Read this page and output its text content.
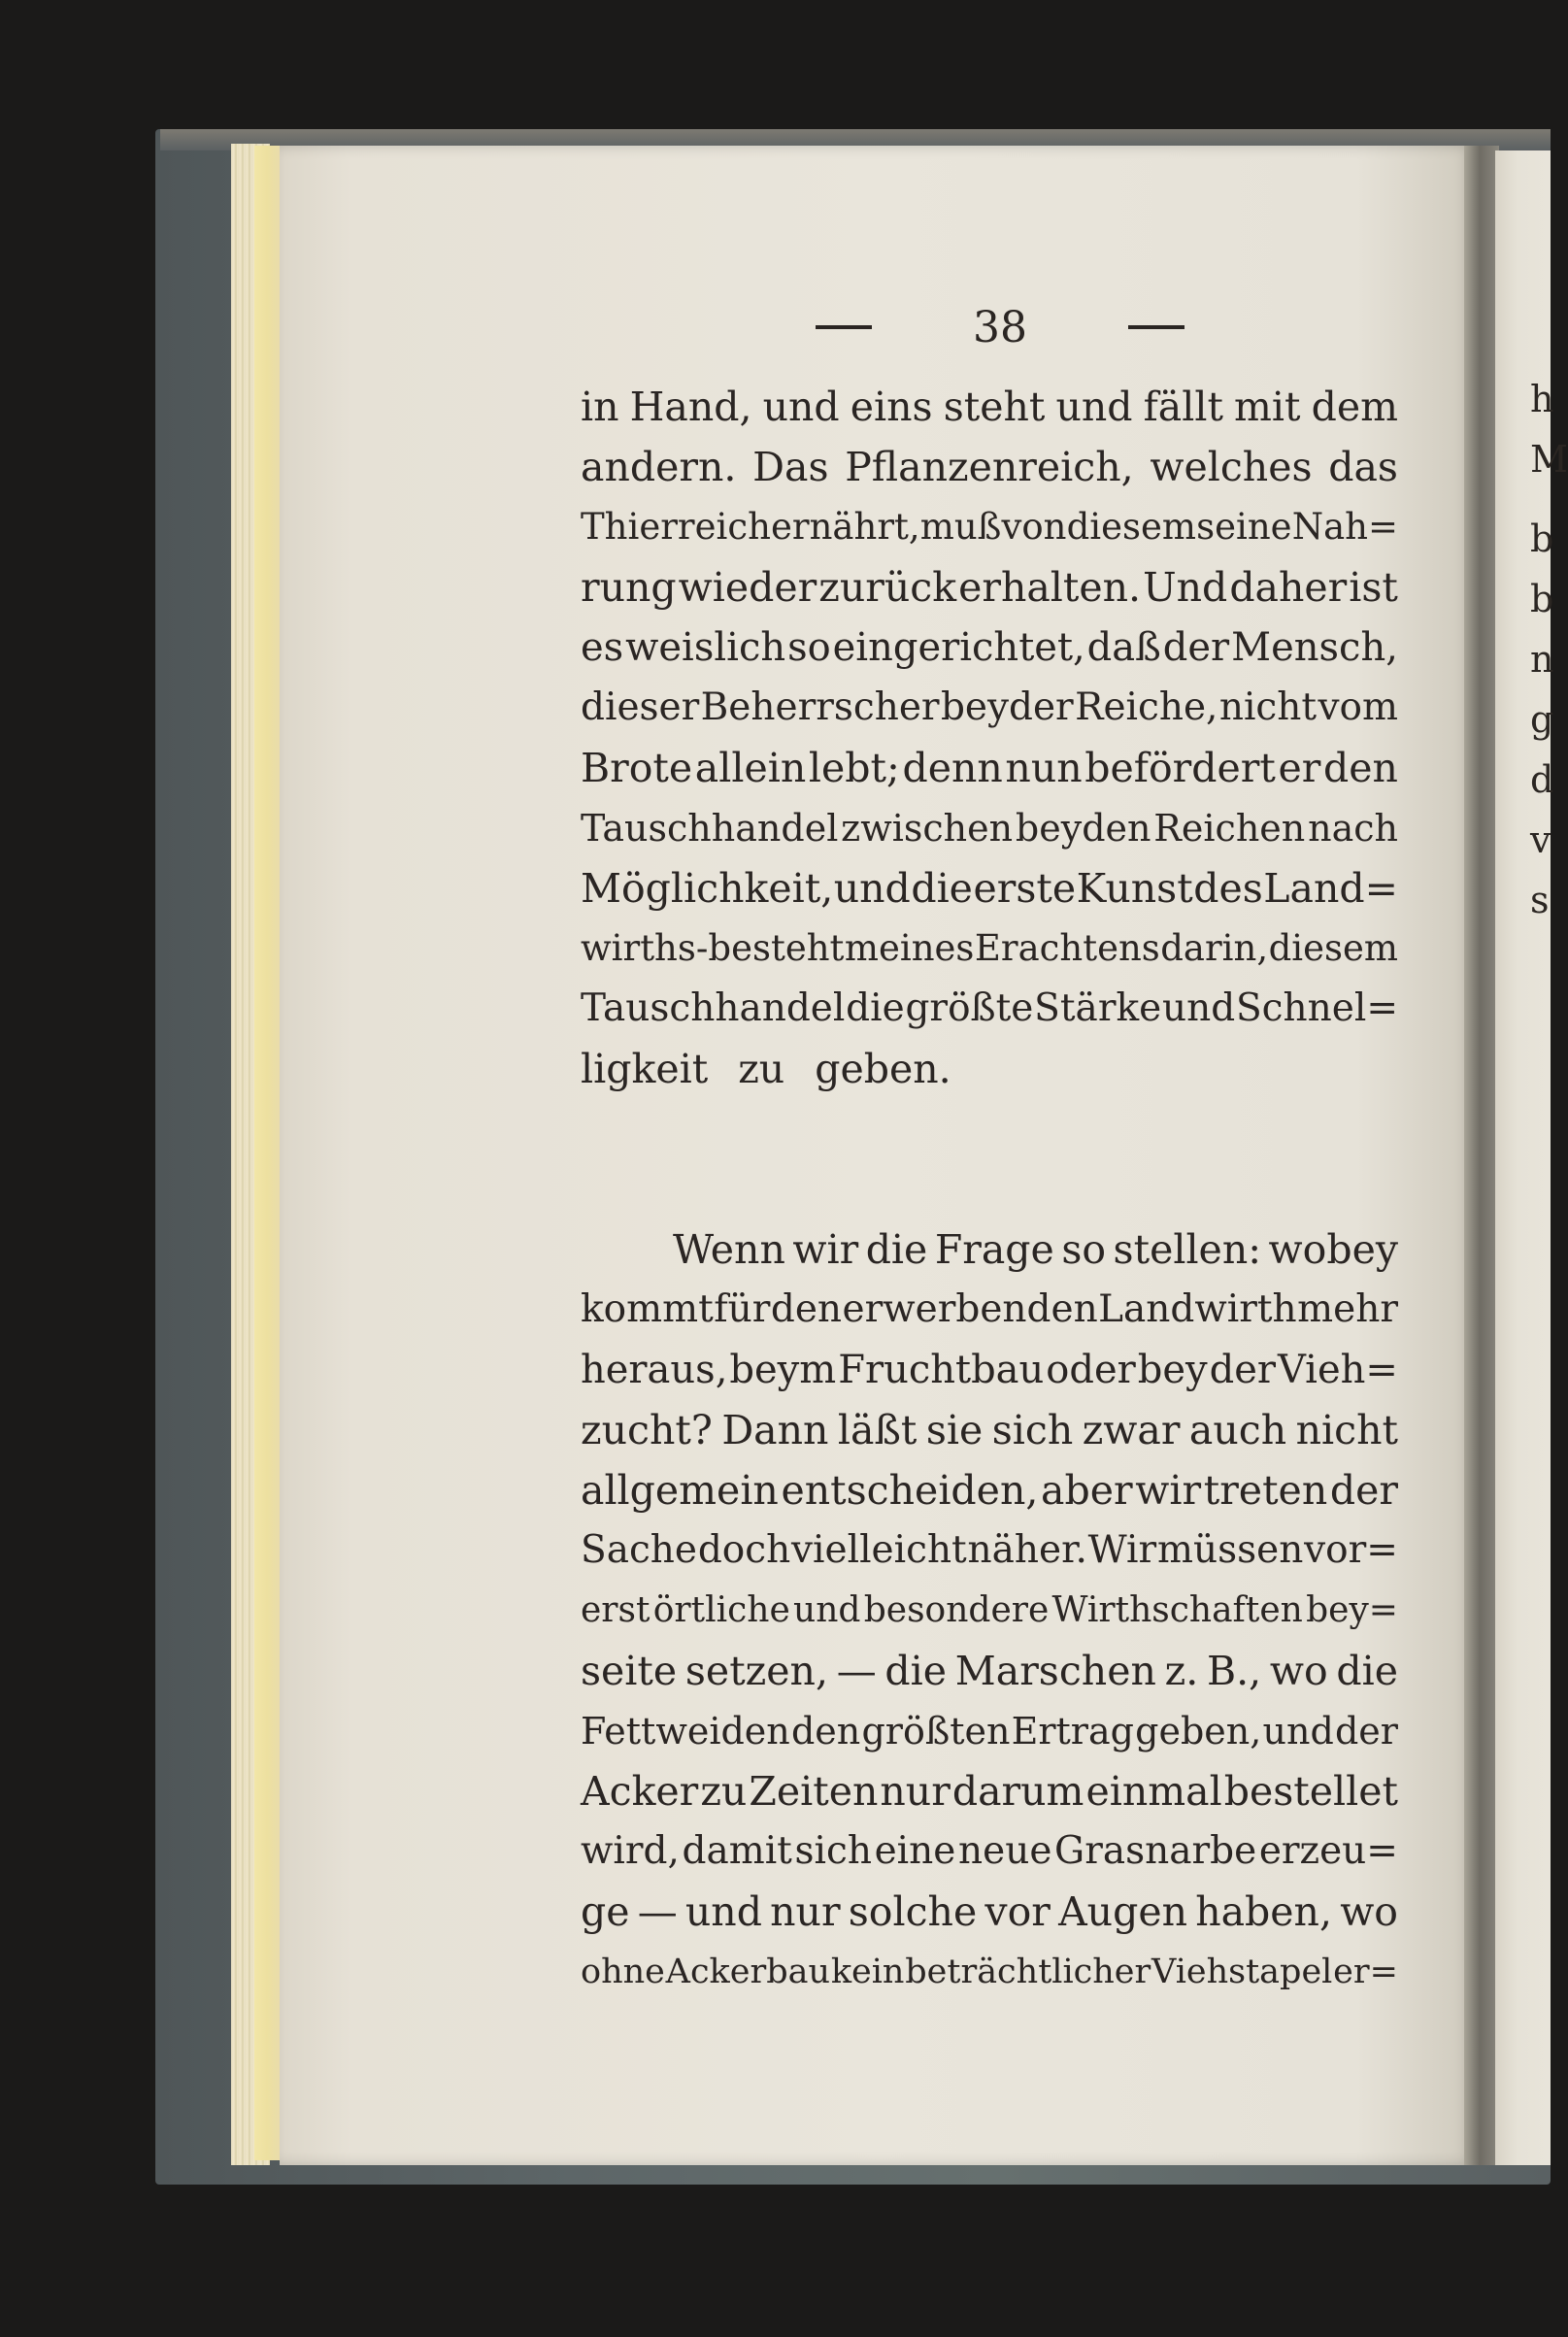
h
M
b
b
n
g
d
v
s
38
in Hand, und eins steht und fällt mit dem
andern. Das Pflanzenreich, welches das
Thierreich ernährt, muß von diesem seine Nah=
rung wieder zurück erhalten. Und daher ist
es weislich so eingerichtet, daß der Mensch,
dieser Beherrscher beyder Reiche, nicht vom
Brote allein lebt; denn nun befördert er den
Tauschhandel zwischen beyden Reichen nach
Möglichkeit, und die erste Kunst des Land=
wirths-besteht meines Erachtens darin, diesem
Tauschhandel die größte Stärke und Schnel=
ligkeit zu geben.
Wenn wir die Frage so stellen: wobey
kommt für den erwerbenden Landwirth mehr
heraus, beym Fruchtbau oder bey der Vieh=
zucht? Dann läßt sie sich zwar auch nicht
allgemein entscheiden, aber wir treten der
Sache doch vielleicht näher. Wir müssen vor=
erst örtliche und besondere Wirthschaften bey=
seite setzen, — die Marschen z. B., wo die
Fettweiden den größten Ertrag geben, und der
Acker zu Zeiten nur darum einmal bestellet
wird, damit sich eine neue Grasnarbe erzeu=
ge — und nur solche vor Augen haben, wo
ohne Ackerbau kein beträchtlicher Viehstapel er=
